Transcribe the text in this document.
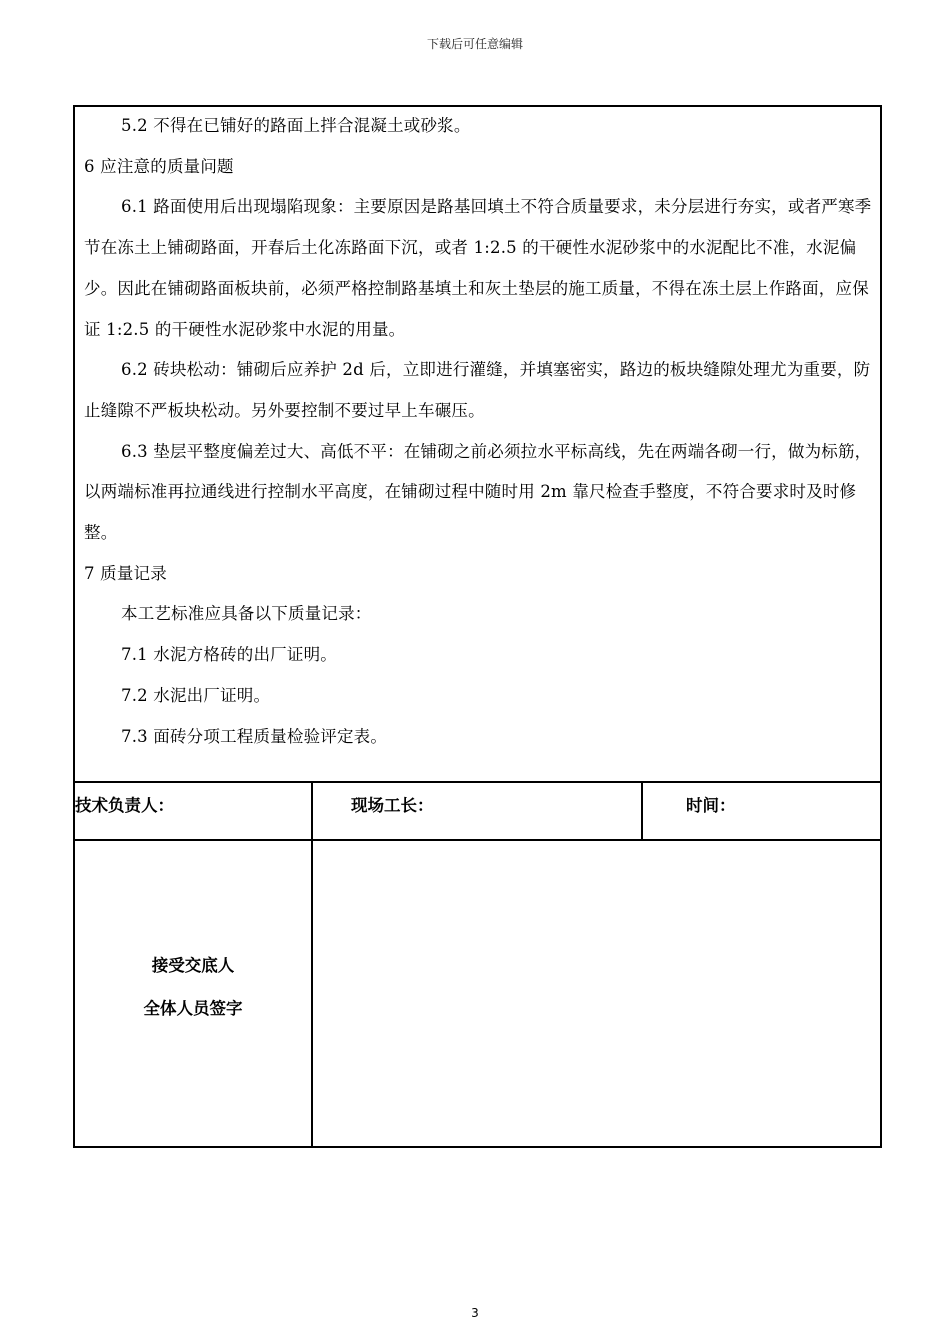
下载后可任意编辑

5.2 不得在已铺好的路面上拌合混凝土或砂浆。

6 应注意的质量问题

6.1 路面使用后出现塌陷现象：主要原因是路基回填土不符合质量要求，未分层进行夯实，或者严寒季节在冻土上铺砌路面，开春后土化冻路面下沉，或者 1:2.5 的干硬性水泥砂浆中的水泥配比不准，水泥偏少。因此在铺砌路面板块前，必须严格控制路基填土和灰土垫层的施工质量，不得在冻土层上作路面，应保证 1:2.5 的干硬性水泥砂浆中水泥的用量。

6.2 砖块松动：铺砌后应养护 2d 后，立即进行灌缝，并填塞密实，路边的板块缝隙处理尤为重要，防止缝隙不严板块松动。另外要控制不要过早上车碾压。

6.3 垫层平整度偏差过大、高低不平：在铺砌之前必须拉水平标高线，先在两端各砌一行，做为标筋，以两端标准再拉通线进行控制水平高度，在铺砌过程中随时用 2m 靠尺检查手整度，不符合要求时及时修整。

7 质量记录

本工艺标准应具备以下质量记录：

7.1 水泥方格砖的出厂证明。

7.2 水泥出厂证明。

7.3 面砖分项工程质量检验评定表。

技术负责人：	现场工长：	时间：
接受交底人
全体人员签字
3
